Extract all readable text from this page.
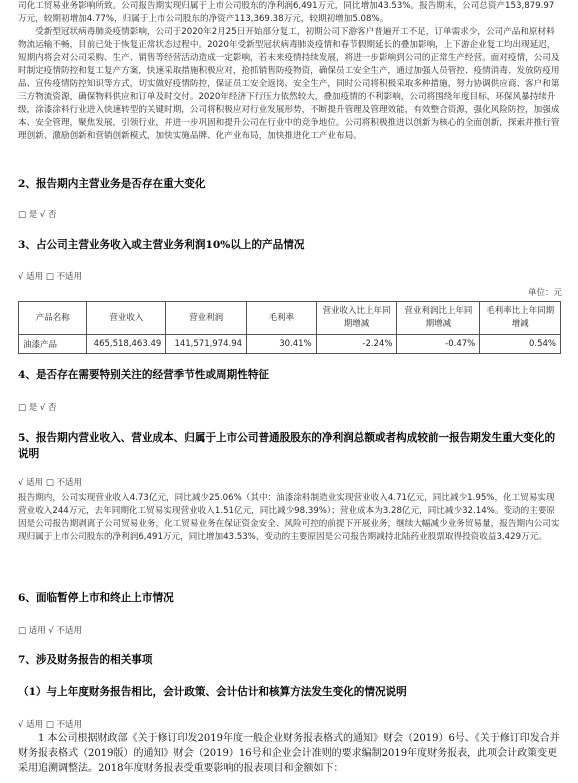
司化工贸易业务影响所致。公司报告期实现归属于上市公司股东的净利润6,491万元，同比增加43.53%。报告期末，公司总资产153,879.97万元，较期初增加4.77%，归属于上市公司股东的净资产113,369.38万元，较期初增加5.08%。
　　受新型冠状病毒肺炎疫情影响，公司于2020年2月25日开始部分复工，初期公司下游客户普遍开工不足，订单需求少，公司产品和原材料物流运输不畅，目前已处于恢复正常状态过程中。2020年受新型冠状病毒肺炎疫情和春节假期延长的叠加影响，上下游企业复工均出现延迟，短期内将会对公司采购、生产、销售等经营活动造成一定影响，若未来疫情持续发展，将进一步影响到公司的正常生产经营。面对疫情，公司及时制定疫情防控和复工复产方案，快速采取措施积极应对，抢抓销售防疫物资，确保员工安全生产，通过加强人员管控、疫情消毒、发放防疫用品、宣传疫情防控知识等方式，切实做好疫情防控，保证员工安全返岗、安全生产，同时公司将积极采取多种措施，努力协调供应商、客户和第三方物流资源，确保物料供应和订单及时交付。2020年经济下行压力依然较大，叠加疫情的不利影响，公司将围绕年度目标，环保风暴持续升级，涂漆涂料行业进入快速转型的关键时期，公司将积极应对行业发展形势，不断提升管理及管理效能，有效整合资源，强化风险防控，加强成本、安全管理，聚焦发展，引领行业，并进一步巩固和提升公司在行业中的竞争地位。公司将积极推进以创新为核心的全面创新，探索并推行管理创新、激励创新和营销创新模式，加快实施品牌、化产业布局，加快推进化工产业布局。
2、报告期内主营业务是否存在重大变化
□ 是 √ 否
3、占公司主营业务收入或主营业务利润10%以上的产品情况
√ 适用 □ 不适用
单位：元
产品名称	营业收入	营业利润	毛利率	营业收入比上年同期增减	营业利润比上年同期增减	毛利率比上年同期增减
油漆产品	465,518,463.49	141,571,974.94	30.41%	-2.24%	-0.47%	0.54%
4、是否存在需要特别关注的经营季节性或周期性特征
□ 是 √ 否
5、报告期内营业收入、营业成本、归属于上市公司普通股股东的净利润总额或者构成较前一报告期发生重大变化的说明
√ 适用 □ 不适用
报告期内，公司实现营业收入4.73亿元，同比减少25.06%（其中：油漆涂料制造业实现营业收入4.71亿元，同比减少1.95%，化工贸易实现营业收入244万元，去年同期化工贸易实现营业收入1.51亿元，同比减少98.39%）；营业成本为3.28亿元，同比减少32.14%。变动的主要原因是公司报告期剥离子公司贸易业务，化工贸易业务在保证资金安全、风险可控的前提下开展业务，继续大幅减少业务贸易量，报告期内公司实现归属于上市公司股东的净利润6,491万元，同比增加43.53%，变动的主要原因是公司报告期减持北陆药业股票取得投资收益3,429万元。
6、面临暂停上市和终止上市情况
□ 适用 √ 不适用
7、涉及财务报告的相关事项
（1）与上年度财务报告相比，会计政策、会计估计和核算方法发生变化的情况说明
√ 适用 □ 不适用
　　1 本公司根据财政部《关于修订印发2019年度一般企业财务报表格式的通知》财会（2019）6号、《关于修订印发合并财务报表格式（2019版）的通知》财会（2019）16号和企业会计准则的要求编制2019年度财务报表，此项会计政策变更采用追溯调整法。2018年度财务报表受重要影响的报表项目和金额如下：
